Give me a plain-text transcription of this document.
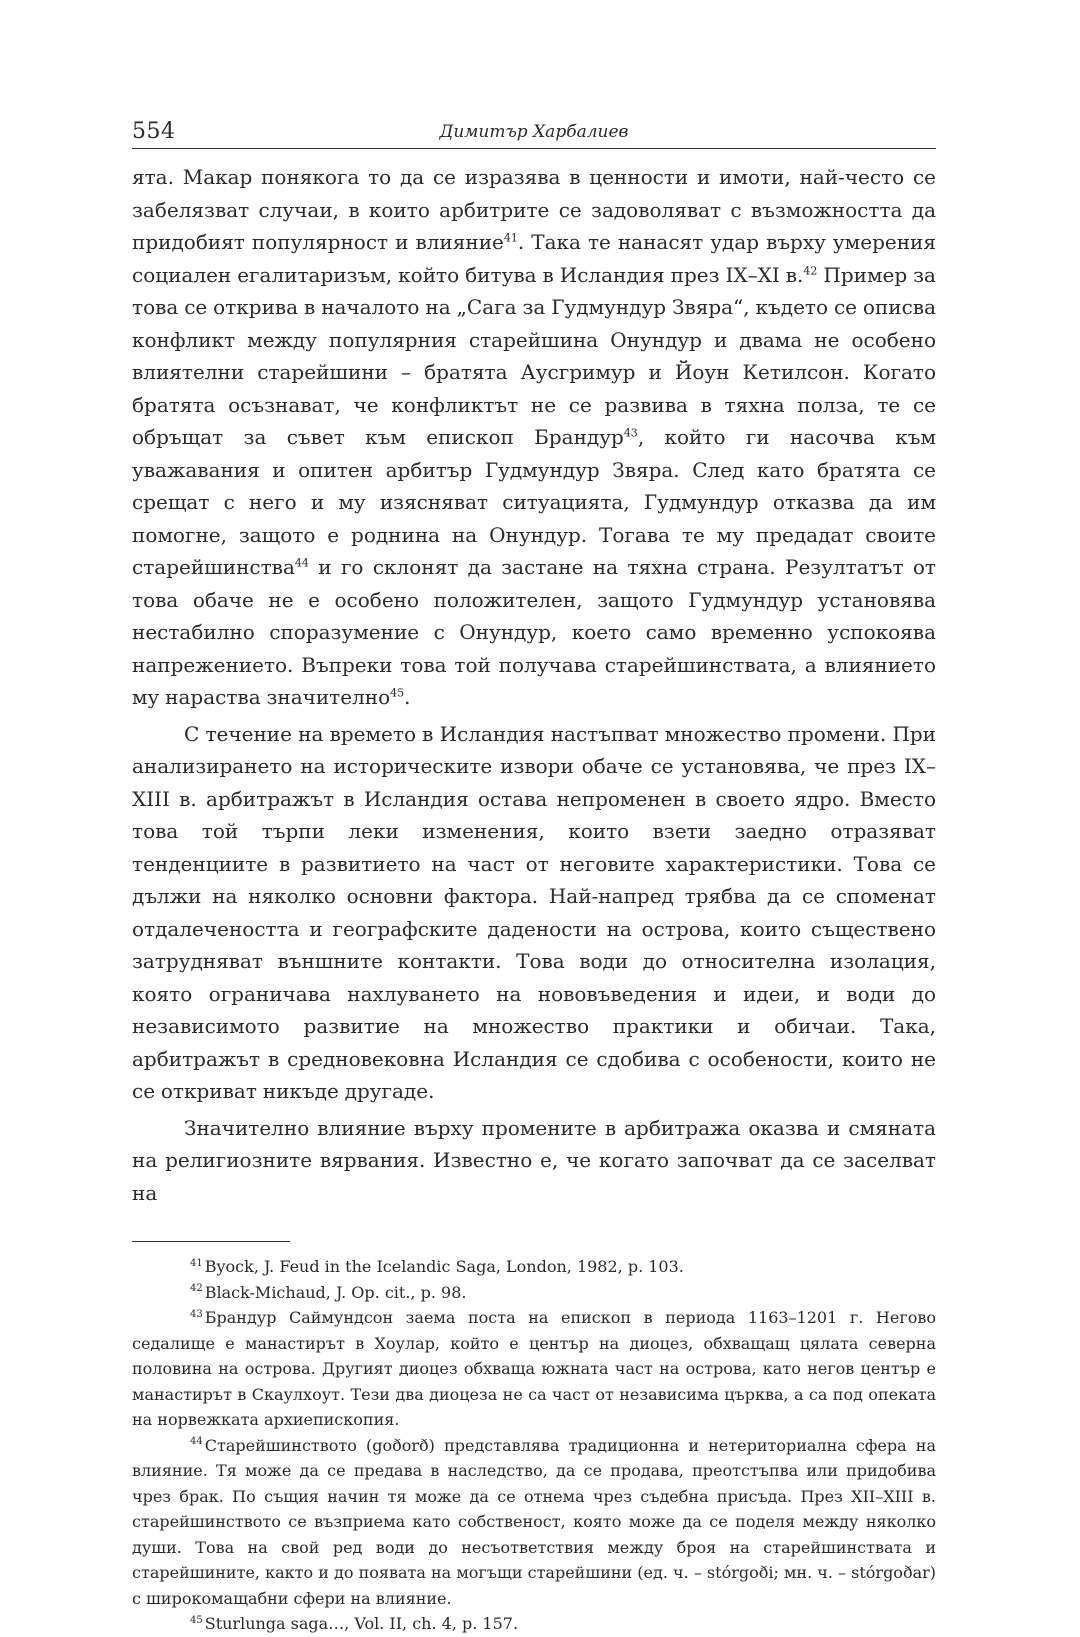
554	Димитър Харбалиев

ята. Макар понякога то да се изразява в ценности и имоти, най-често се забелязват случаи, в които арбитрите се задоволяват с възможността да придобият популярност и влияние$^{41}$. Така те нанасят удар върху умерения социален егалитаризъм, който битува в Исландия през IX–XI в.$^{42}$ Пример за това се открива в началото на „Сага за Гудмундур Звяра“, където се описва конфликт между популярния старейшина Онундур и двама не особено влиятелни старейшини – братята Аусгримур и Йоун Кетилсон. Когато братята осъзнават, че конфликтът не се развива в тяхна полза, те се обръщат за съвет към епископ Брандур$^{43}$, който ги насочва към уважавания и опитен арбитър Гудмундур Звяра. След като братята се срещат с него и му изясняват ситуацията, Гудмундур отказва да им помогне, защото е роднина на Онундур. Тогава те му предадат своите старейшинства$^{44}$ и го склонят да застане на тяхна страна. Резултатът от това обаче не е особено положителен, защото Гудмундур установява нестабилно споразумение с Онундур, което само временно успокоява напрежението. Въпреки това той получава старейшинствата, а влиянието му нараства значително$^{45}$.

С течение на времето в Исландия настъпват множество промени. При анализирането на историческите извори обаче се установява, че през IX–XIII в. арбитражът в Исландия остава непроменен в своето ядро. Вместо това той търпи леки изменения, които взети заедно отразяват тенденциите в развитието на част от неговите характеристики. Това се дължи на няколко основни фактора. Най-напред трябва да се споменат отдалечеността и географските дадености на острова, които съществено затрудняват външните контакти. Това води до относителна изолация, която ограничава нахлуването на нововъведения и идеи, и води до независимото развитие на множество практики и обичаи. Така, арбитражът в средновековна Исландия се сдобива с особености, които не се откриват никъде другаде.

Значително влияние върху промените в арбитража оказва и смяната на религиозните вярвания. Известно е, че когато започват да се заселват на

$^{41}$ Byock, J. Feud in the Icelandic Saga, London, 1982, p. 103.

$^{42}$ Black-Michaud, J. Op. cit., p. 98.

$^{43}$ Брандур Саймундсон заема поста на епископ в периода 1163–1201 г. Негово седалище е манастирът в Хоулар, който е център на диоцез, обхващащ цялата северна половина на острова. Другият диоцез обхваща южната част на острова, като негов център е манастирът в Скаулхоут. Тези два диоцеза не са част от независима църква, а са под опеката на норвежката архиепископия.

$^{44}$ Старейшинството (goðorð) представлява традиционна и нетериториална сфера на влияние. Тя може да се предава в наследство, да се продава, преотстъпва или придобива чрез брак. По същия начин тя може да се отнема чрез съдебна присъда. През XII–XIII в. старейшинството се възприема като собственост, която може да се поделя между няколко души. Това на свой ред води до несъответствия между броя на старейшинствата и старейшините, както и до появата на могъщи старейшини (ед. ч. – stórgoði; мн. ч. – stórgoðar) с широкомащабни сфери на влияние.

$^{45}$ Sturlunga saga…, Vol. II, ch. 4, p. 157.
